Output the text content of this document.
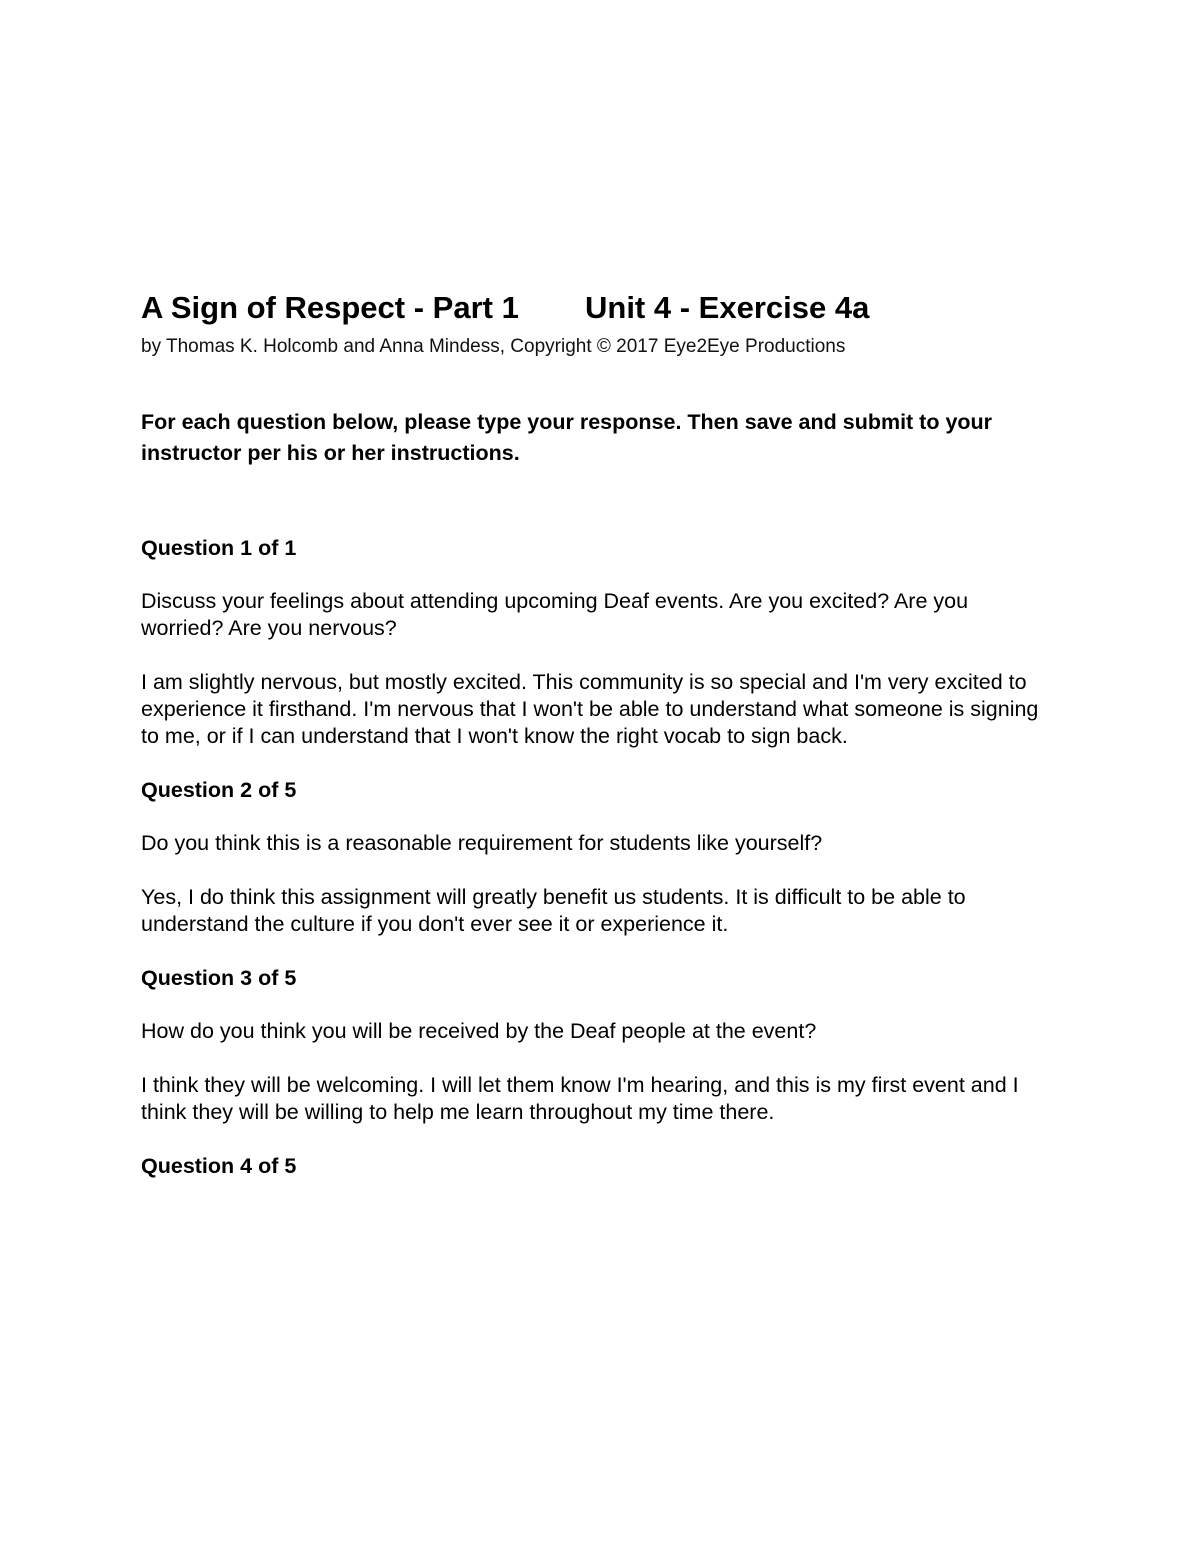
A Sign of Respect - Part 1	Unit 4 - Exercise 4a
by Thomas K. Holcomb and Anna Mindess, Copyright © 2017 Eye2Eye Productions
For each question below, please type your response. Then save and submit to your instructor per his or her instructions.
Question 1 of 1

Discuss your feelings about attending upcoming Deaf events. Are you excited? Are you worried? Are you nervous?

I am slightly nervous, but mostly excited. This community is so special and I'm very excited to experience it firsthand. I'm nervous that I won't be able to understand what someone is signing to me, or if I can understand that I won't know the right vocab to sign back.

Question 2 of 5

Do you think this is a reasonable requirement for students like yourself?

Yes, I do think this assignment will greatly benefit us students. It is difficult to be able to understand the culture if you don't ever see it or experience it.

Question 3 of 5

How do you think you will be received by the Deaf people at the event?

I think they will be welcoming. I will let them know I'm hearing, and this is my first event and I think they will be willing to help me learn throughout my time there.

Question 4 of 5
